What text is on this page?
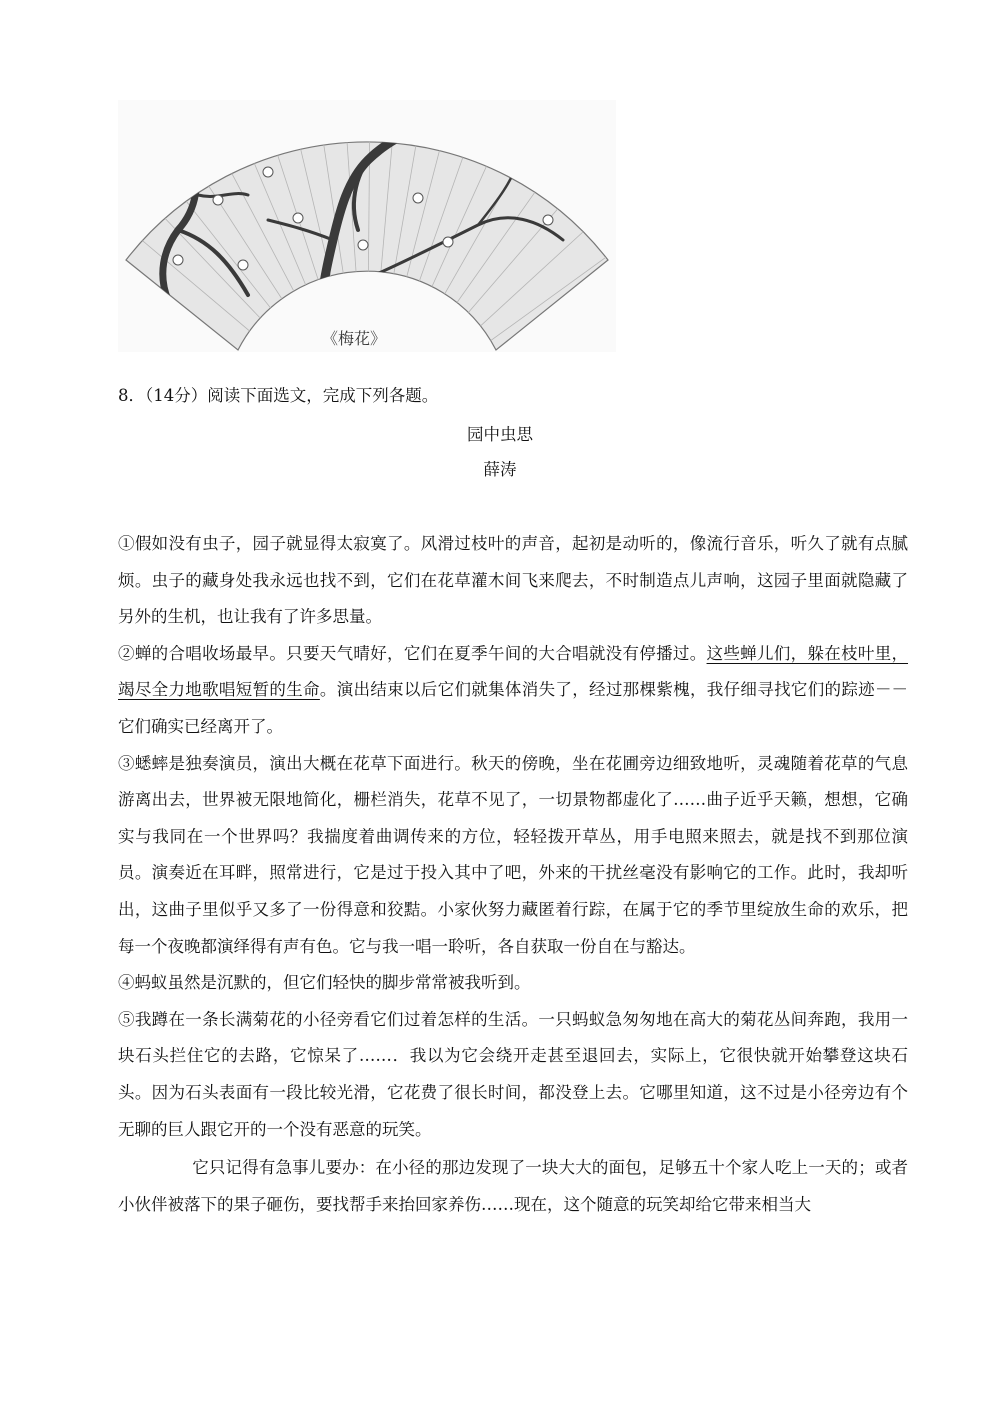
《梅花》
8．（14分）阅读下面选文，完成下列各题。
园中虫思
薛涛

①假如没有虫子，园子就显得太寂寞了。风滑过枝叶的声音，起初是动听的，像流行音乐，听久了就有点腻烦。虫子的藏身处我永远也找不到，它们在花草灌木间飞来爬去，不时制造点儿声响，这园子里面就隐藏了另外的生机，也让我有了许多思量。

②蝉的合唱收场最早。只要天气晴好，它们在夏季午间的大合唱就没有停播过。这些蝉儿们，躲在枝叶里，竭尽全力地歌唱短暂的生命。演出结束以后它们就集体消失了，经过那棵紫槐，我仔细寻找它们的踪迹－－它们确实已经离开了。

③蟋蟀是独奏演员，演出大概在花草下面进行。秋天的傍晚，坐在花圃旁边细致地听，灵魂随着花草的气息游离出去，世界被无限地简化，栅栏消失，花草不见了，一切景物都虚化了……曲子近乎天籁，想想，它确实与我同在一个世界吗？我揣度着曲调传来的方位，轻轻拨开草丛，用手电照来照去，就是找不到那位演员。演奏近在耳畔，照常进行，它是过于投入其中了吧，外来的干扰丝毫没有影响它的工作。此时，我却听出，这曲子里似乎又多了一份得意和狡黠。小家伙努力藏匿着行踪，在属于它的季节里绽放生命的欢乐，把每一个夜晚都演绎得有声有色。它与我一唱一聆听，各自获取一份自在与豁达。

④蚂蚁虽然是沉默的，但它们轻快的脚步常常被我听到。

⑤我蹲在一条长满菊花的小径旁看它们过着怎样的生活。一只蚂蚁急匆匆地在高大的菊花丛间奔跑，我用一块石头拦住它的去路，它惊呆了……．我以为它会绕开走甚至退回去，实际上，它很快就开始攀登这块石头。因为石头表面有一段比较光滑，它花费了很长时间，都没登上去。它哪里知道，这不过是小径旁边有个无聊的巨人跟它开的一个没有恶意的玩笑。

它只记得有急事儿要办：在小径的那边发现了一块大大的面包，足够五十个家人吃上一天的；或者小伙伴被落下的果子砸伤，要找帮手来抬回家养伤……现在，这个随意的玩笑却给它带来相当大
